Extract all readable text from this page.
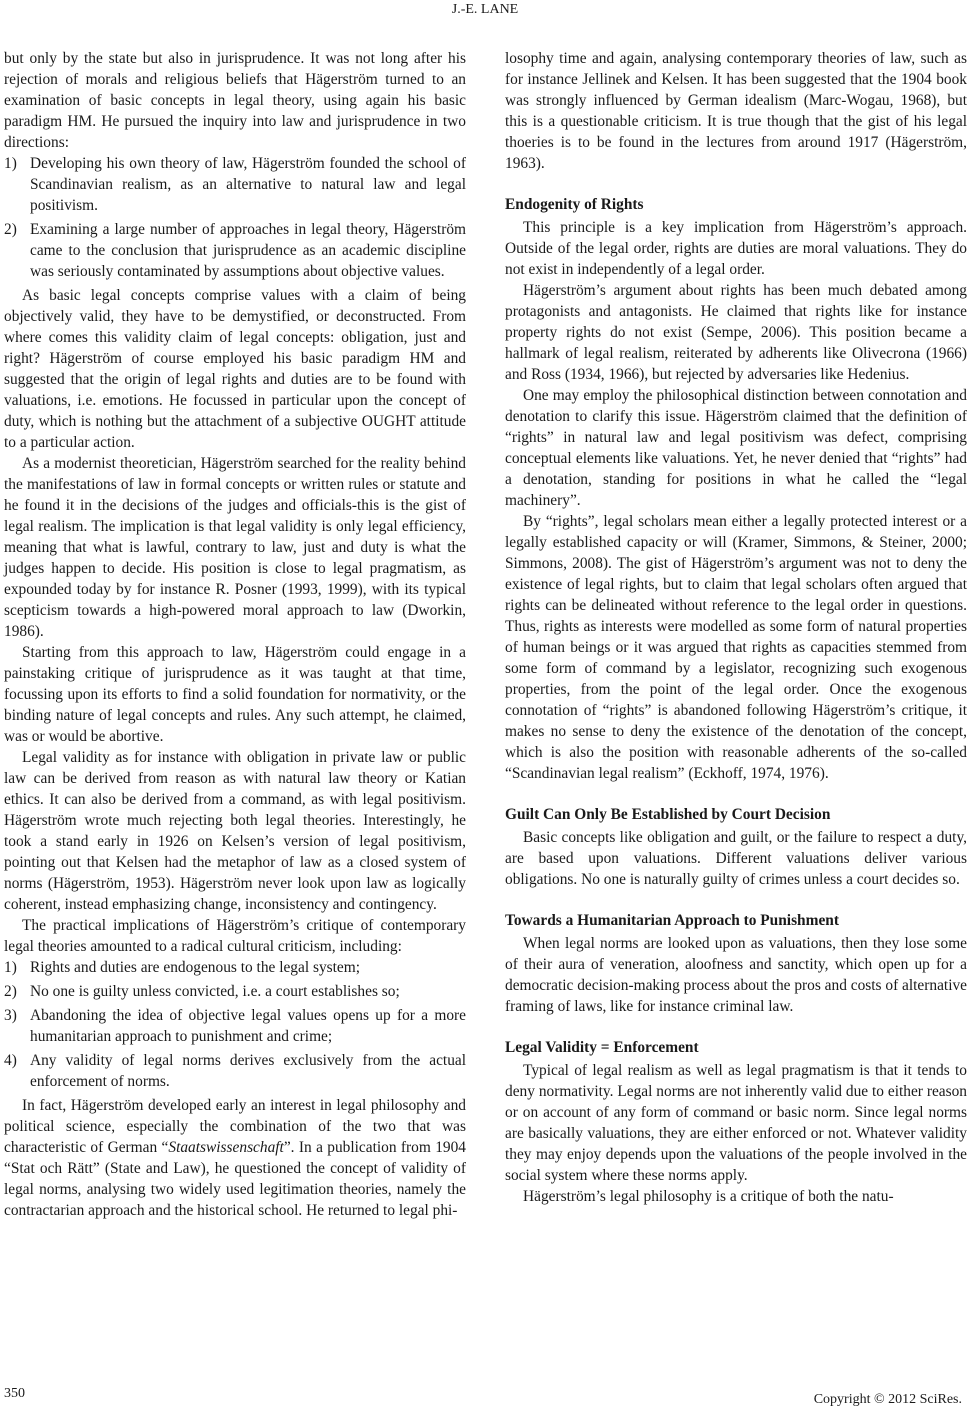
J.-E. LANE

but only by the state but also in jurisprudence. It was not long after his rejection of morals and religious beliefs that Hägerström turned to an examination of basic concepts in legal theory, using again his basic paradigm HM. He pursued the inquiry into law and jurisprudence in two directions:

1) Developing his own theory of law, Hägerström founded the school of Scandinavian realism, as an alternative to natural law and legal positivism.
2) Examining a large number of approaches in legal theory, Hägerström came to the conclusion that jurisprudence as an academic discipline was seriously contaminated by assumptions about objective values.

As basic legal concepts comprise values with a claim of being objectively valid, they have to be demystified, or deconstructed. From where comes this validity claim of legal concepts: obligation, just and right? Hägerström of course employed his basic paradigm HM and suggested that the origin of legal rights and duties are to be found with valuations, i.e. emotions. He focussed in particular upon the concept of duty, which is nothing but the attachment of a subjective OUGHT attitude to a particular action.

As a modernist theoretician, Hägerström searched for the reality behind the manifestations of law in formal concepts or written rules or statute and he found it in the decisions of the judges and officials-this is the gist of legal realism. The implication is that legal validity is only legal efficiency, meaning that what is lawful, contrary to law, just and duty is what the judges happen to decide. His position is close to legal pragmatism, as expounded today by for instance R. Posner (1993, 1999), with its typical scepticism towards a high-powered moral approach to law (Dworkin, 1986).

Starting from this approach to law, Hägerström could engage in a painstaking critique of jurisprudence as it was taught at that time, focussing upon its efforts to find a solid foundation for normativity, or the binding nature of legal concepts and rules. Any such attempt, he claimed, was or would be abortive.

Legal validity as for instance with obligation in private law or public law can be derived from reason as with natural law theory or Katian ethics. It can also be derived from a command, as with legal positivism. Hägerström wrote much rejecting both legal theories. Interestingly, he took a stand early in 1926 on Kelsen’s version of legal positivism, pointing out that Kelsen had the metaphor of law as a closed system of norms (Hägerström, 1953). Hägerström never look upon law as logically coherent, instead emphasizing change, inconsistency and contingency.

The practical implications of Hägerström’s critique of contemporary legal theories amounted to a radical cultural criticism, including:

1) Rights and duties are endogenous to the legal system;
2) No one is guilty unless convicted, i.e. a court establishes so;
3) Abandoning the idea of objective legal values opens up for a more humanitarian approach to punishment and crime;
4) Any validity of legal norms derives exclusively from the actual enforcement of norms.

In fact, Hägerström developed early an interest in legal philosophy and political science, especially the combination of the two that was characteristic of German “Staatswissenschaft”. In a publication from 1904 “Stat och Rätt” (State and Law), he questioned the concept of validity of legal norms, analysing two widely used legitimation theories, namely the contractarian approach and the historical school. He returned to legal phi-

losophy time and again, analysing contemporary theories of law, such as for instance Jellinek and Kelsen. It has been suggested that the 1904 book was strongly influenced by German idealism (Marc-Wogau, 1968), but this is a questionable criticism. It is true though that the gist of his legal thoeries is to be found in the lectures from around 1917 (Hägerström, 1963).

Endogenity of Rights

This principle is a key implication from Hägerström’s approach. Outside of the legal order, rights are duties are moral valuations. They do not exist in independently of a legal order.

Hägerström’s argument about rights has been much debated among protagonists and antagonists. He claimed that rights like for instance property rights do not exist (Sempe, 2006). This position became a hallmark of legal realism, reiterated by adherents like Olivecrona (1966) and Ross (1934, 1966), but rejected by adversaries like Hedenius.

One may employ the philosophical distinction between connotation and denotation to clarify this issue. Hägerström claimed that the definition of “rights” in natural law and legal positivism was defect, comprising conceptual elements like valuations. Yet, he never denied that “rights” had a denotation, standing for positions in what he called the “legal machinery”.

By “rights”, legal scholars mean either a legally protected interest or a legally established capacity or will (Kramer, Simmons, & Steiner, 2000; Simmons, 2008). The gist of Hägerström’s argument was not to deny the existence of legal rights, but to claim that legal scholars often argued that rights can be delineated without reference to the legal order in questions. Thus, rights as interests were modelled as some form of natural properties of human beings or it was argued that rights as capacities stemmed from some form of command by a legislator, recognizing such exogenous properties, from the point of the legal order. Once the exogenous connotation of “rights” is abandoned following Hägerström’s critique, it makes no sense to deny the existence of the denotation of the concept, which is also the position with reasonable adherents of the so-called “Scandinavian legal realism” (Eckhoff, 1974, 1976).

Guilt Can Only Be Established by Court Decision

Basic concepts like obligation and guilt, or the failure to respect a duty, are based upon valuations. Different valuations deliver various obligations. No one is naturally guilty of crimes unless a court decides so.

Towards a Humanitarian Approach to Punishment

When legal norms are looked upon as valuations, then they lose some of their aura of veneration, aloofness and sanctity, which open up for a democratic decision-making process about the pros and costs of alternative framing of laws, like for instance criminal law.

Legal Validity = Enforcement

Typical of legal realism as well as legal pragmatism is that it tends to deny normativity. Legal norms are not inherently valid due to either reason or on account of any form of command or basic norm. Since legal norms are basically valuations, they are either enforced or not. Whatever validity they may enjoy depends upon the valuations of the people involved in the social system where these norms apply.

Hägerström’s legal philosophy is a critique of both the natu-

350	Copyright © 2012 SciRes.
